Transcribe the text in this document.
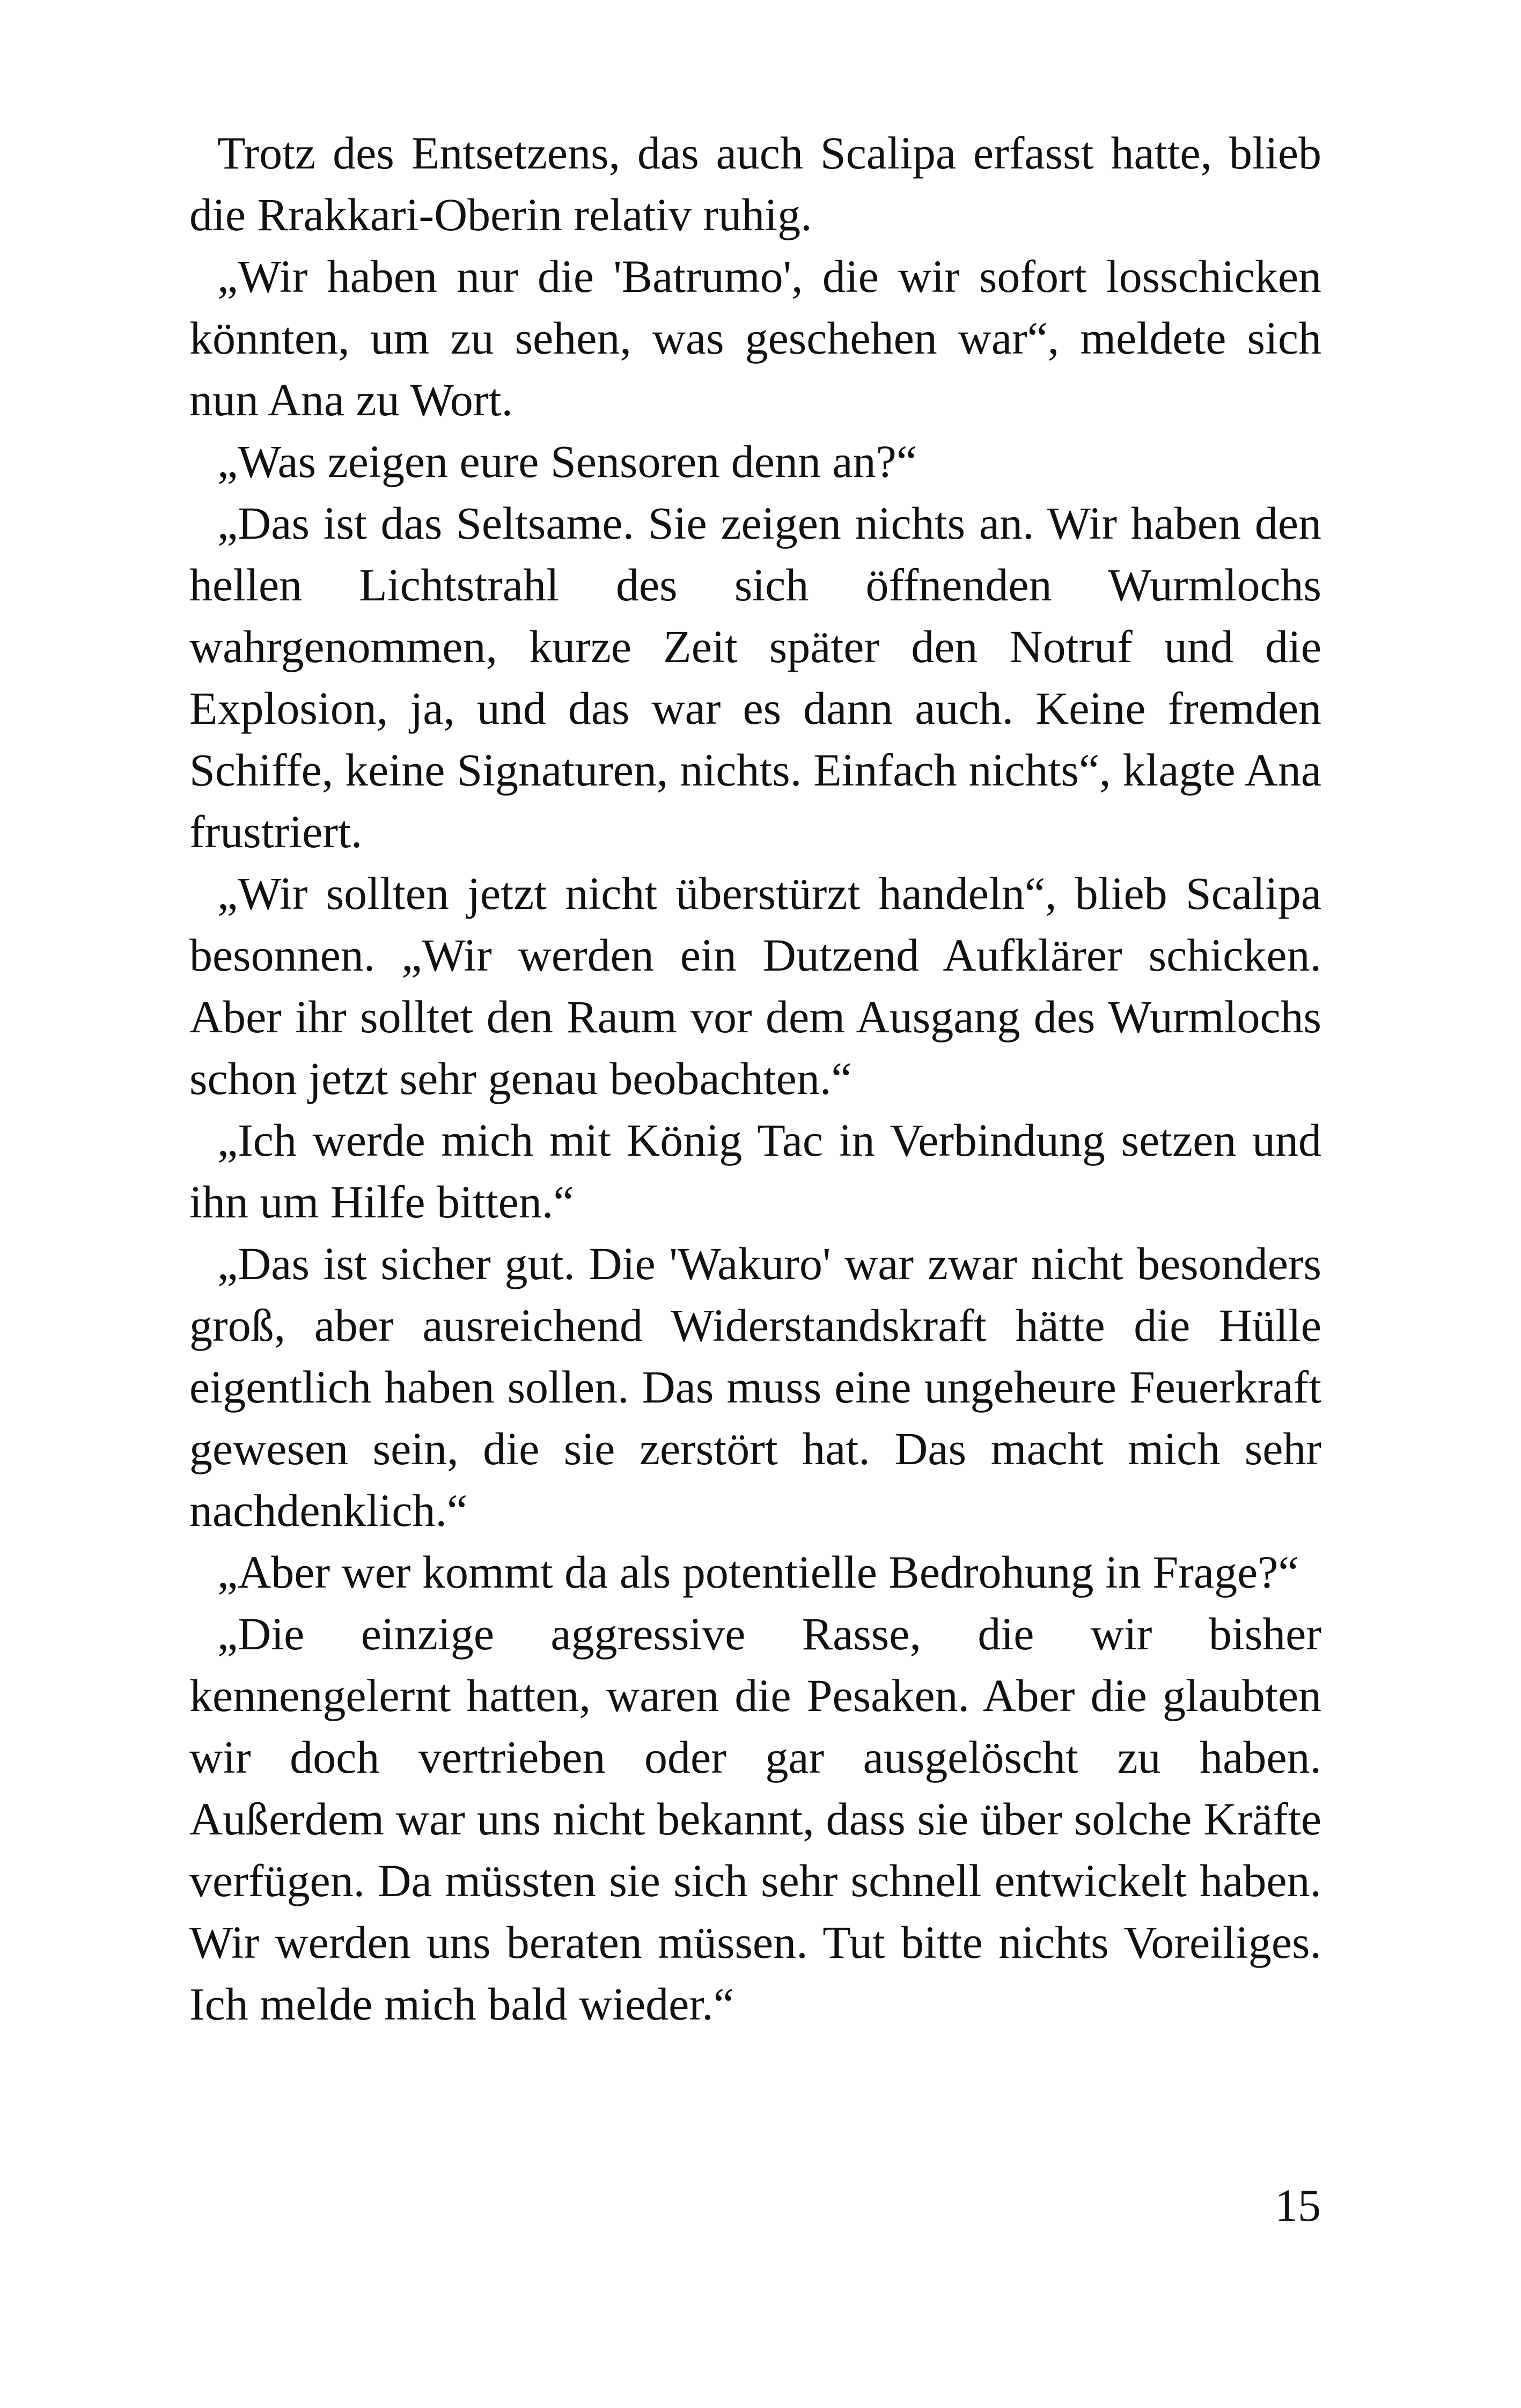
Trotz des Entsetzens, das auch Scalipa erfasst hatte, blieb die Rrakkari-Oberin relativ ruhig.

„Wir haben nur die 'Batrumo', die wir sofort losschicken könnten, um zu sehen, was geschehen war“, meldete sich nun Ana zu Wort.

„Was zeigen eure Sensoren denn an?“

„Das ist das Seltsame. Sie zeigen nichts an. Wir haben den hellen Lichtstrahl des sich öffnenden Wurmlochs wahrgenommen, kurze Zeit später den Notruf und die Explosion, ja, und das war es dann auch. Keine fremden Schiffe, keine Signaturen, nichts. Einfach nichts“, klagte Ana frustriert.

„Wir sollten jetzt nicht überstürzt handeln“, blieb Scalipa besonnen. „Wir werden ein Dutzend Aufklärer schicken. Aber ihr solltet den Raum vor dem Ausgang des Wurmlochs schon jetzt sehr genau beobachten.“

„Ich werde mich mit König Tac in Verbindung setzen und ihn um Hilfe bitten.“

„Das ist sicher gut. Die 'Wakuro' war zwar nicht besonders groß, aber ausreichend Widerstandskraft hätte die Hülle eigentlich haben sollen. Das muss eine ungeheure Feuerkraft gewesen sein, die sie zerstört hat. Das macht mich sehr nachdenklich.“

„Aber wer kommt da als potentielle Bedrohung in Frage?“

„Die einzige aggressive Rasse, die wir bisher kennengelernt hatten, waren die Pesaken. Aber die glaubten wir doch vertrieben oder gar ausgelöscht zu haben. Außerdem war uns nicht bekannt, dass sie über solche Kräfte verfügen. Da müssten sie sich sehr schnell entwickelt haben. Wir werden uns beraten müssen. Tut bitte nichts Voreiliges. Ich melde mich bald wieder.“

15
